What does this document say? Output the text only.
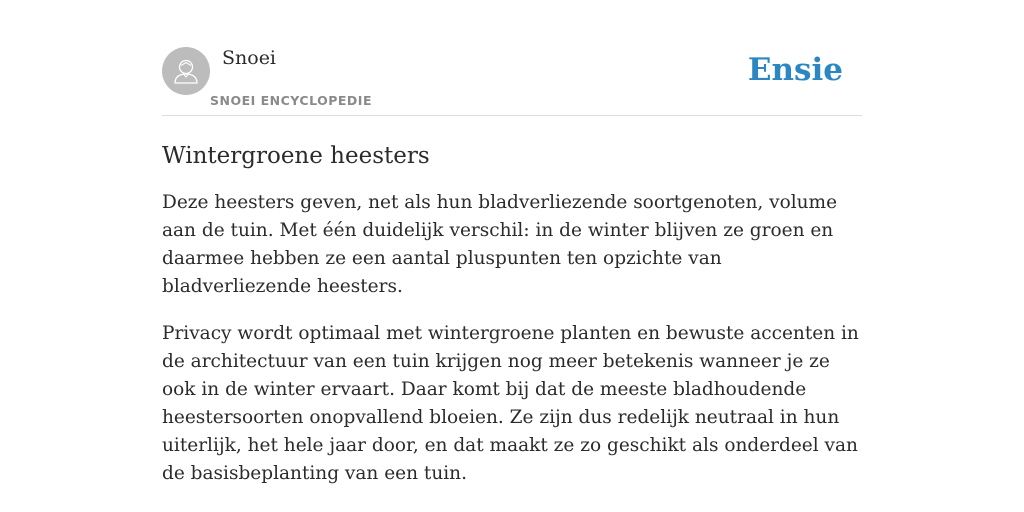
Snoei
SNOEI ENCYCLOPEDIE
Ensie
Wintergroene heesters

Deze heesters geven, net als hun bladverliezende soortgenoten, volume aan de tuin. Met één duidelijk verschil: in de winter blijven ze groen en daarmee hebben ze een aantal pluspunten ten opzichte van bladverliezende heesters.

Privacy wordt optimaal met wintergroene planten en bewuste accenten in de architectuur van een tuin krijgen nog meer betekenis wanneer je ze ook in de winter ervaart. Daar komt bij dat de meeste bladhoudende heestersoorten onopvallend bloeien. Ze zijn dus redelijk neutraal in hun uiterlijk, het hele jaar door, en dat maakt ze zo geschikt als onderdeel van de basisbeplanting van een tuin.
